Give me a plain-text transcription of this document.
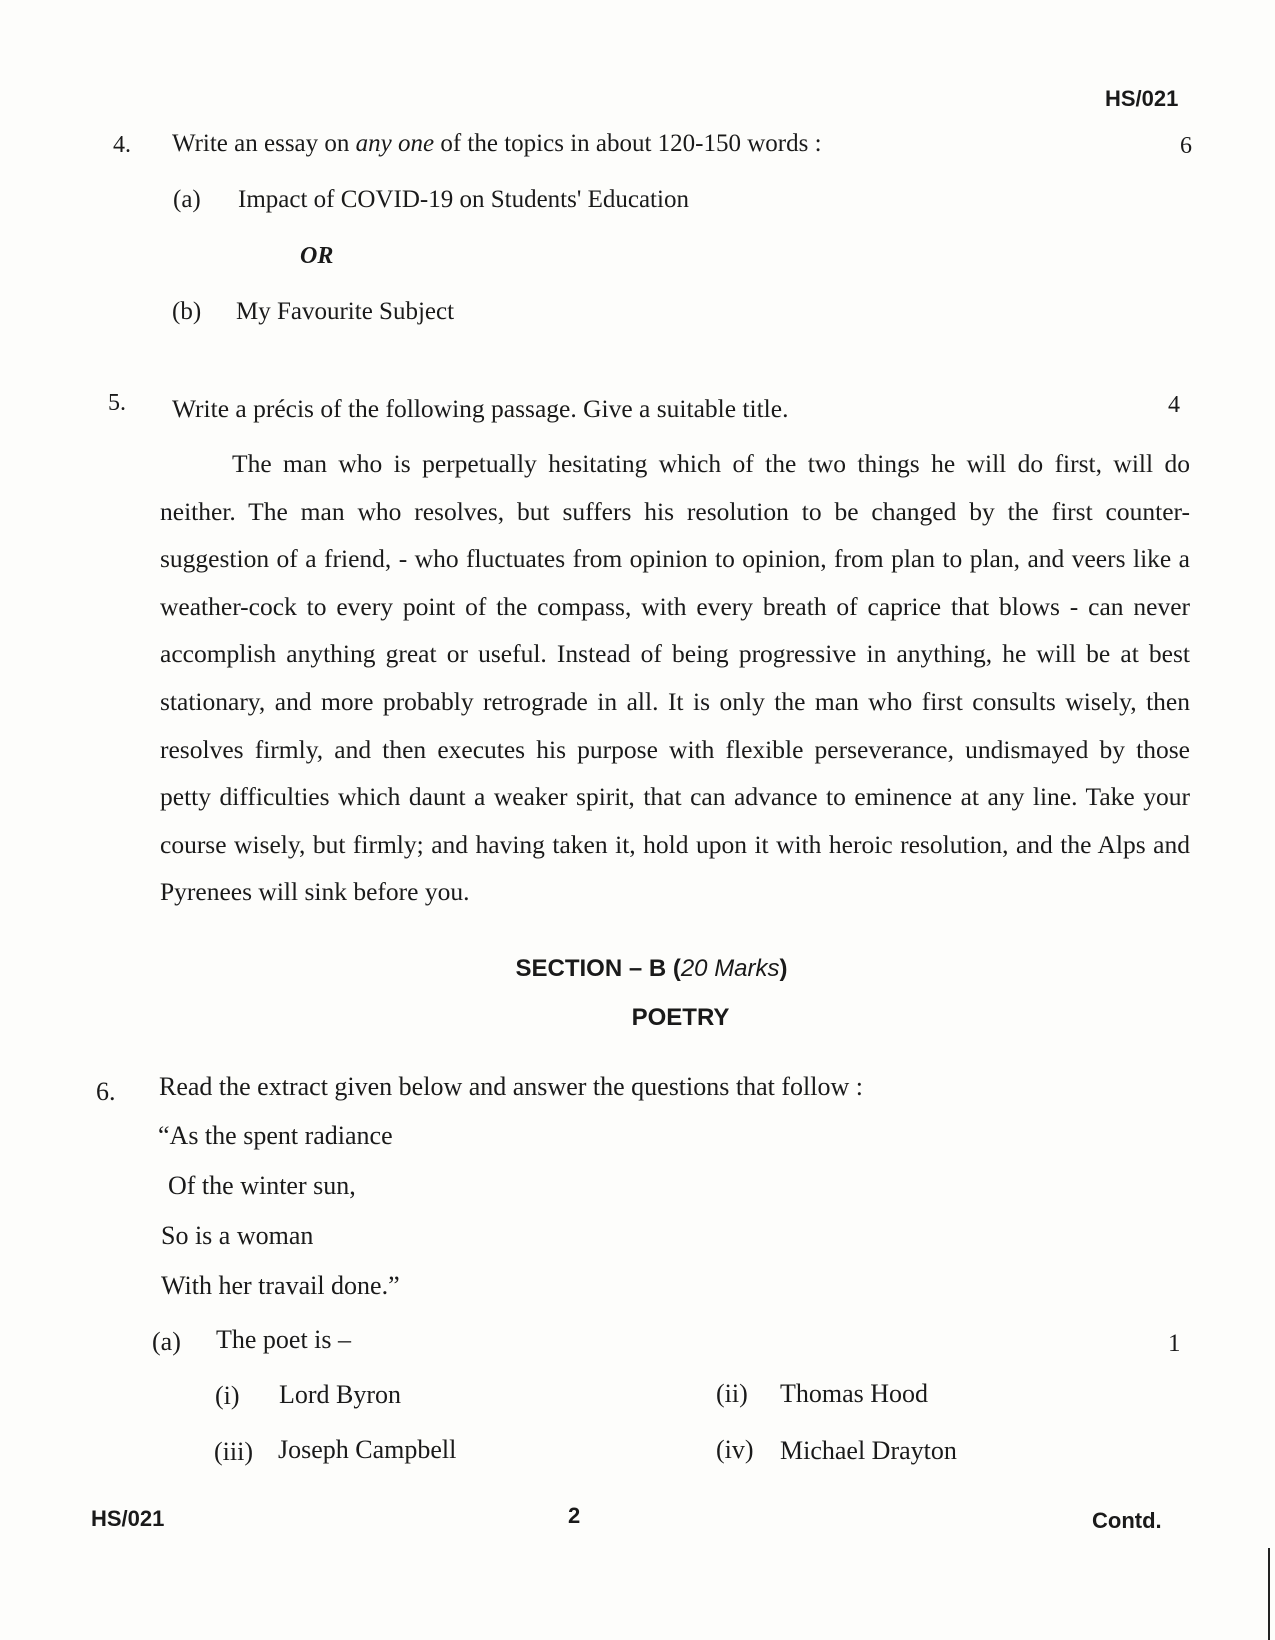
HS/021
4. Write an essay on any one of the topics in about 120-150 words :	6
(a) Impact of COVID-19 on Students' Education
OR
(b) My Favourite Subject
5. Write a précis of the following passage. Give a suitable title.	4
The man who is perpetually hesitating which of the two things he will do first, will do neither. The man who resolves, but suffers his resolution to be changed by the first counter-suggestion of a friend, - who fluctuates from opinion to opinion, from plan to plan, and veers like a weather-cock to every point of the compass, with every breath of caprice that blows - can never accomplish anything great or useful. Instead of being progressive in anything, he will be at best stationary, and more probably retrograde in all. It is only the man who first consults wisely, then resolves firmly, and then executes his purpose with flexible perseverance, undismayed by those petty difficulties which daunt a weaker spirit, that can advance to eminence at any line. Take your course wisely, but firmly; and having taken it, hold upon it with heroic resolution, and the Alps and Pyrenees will sink before you.
SECTION – B (20 Marks)
POETRY
6. Read the extract given below and answer the questions that follow :
“As the spent radiance
Of the winter sun,
So is a woman
With her travail done.”
(a) The poet is –	1
(i) Lord Byron	(ii) Thomas Hood
(iii) Joseph Campbell	(iv) Michael Drayton
HS/021	2	Contd.
